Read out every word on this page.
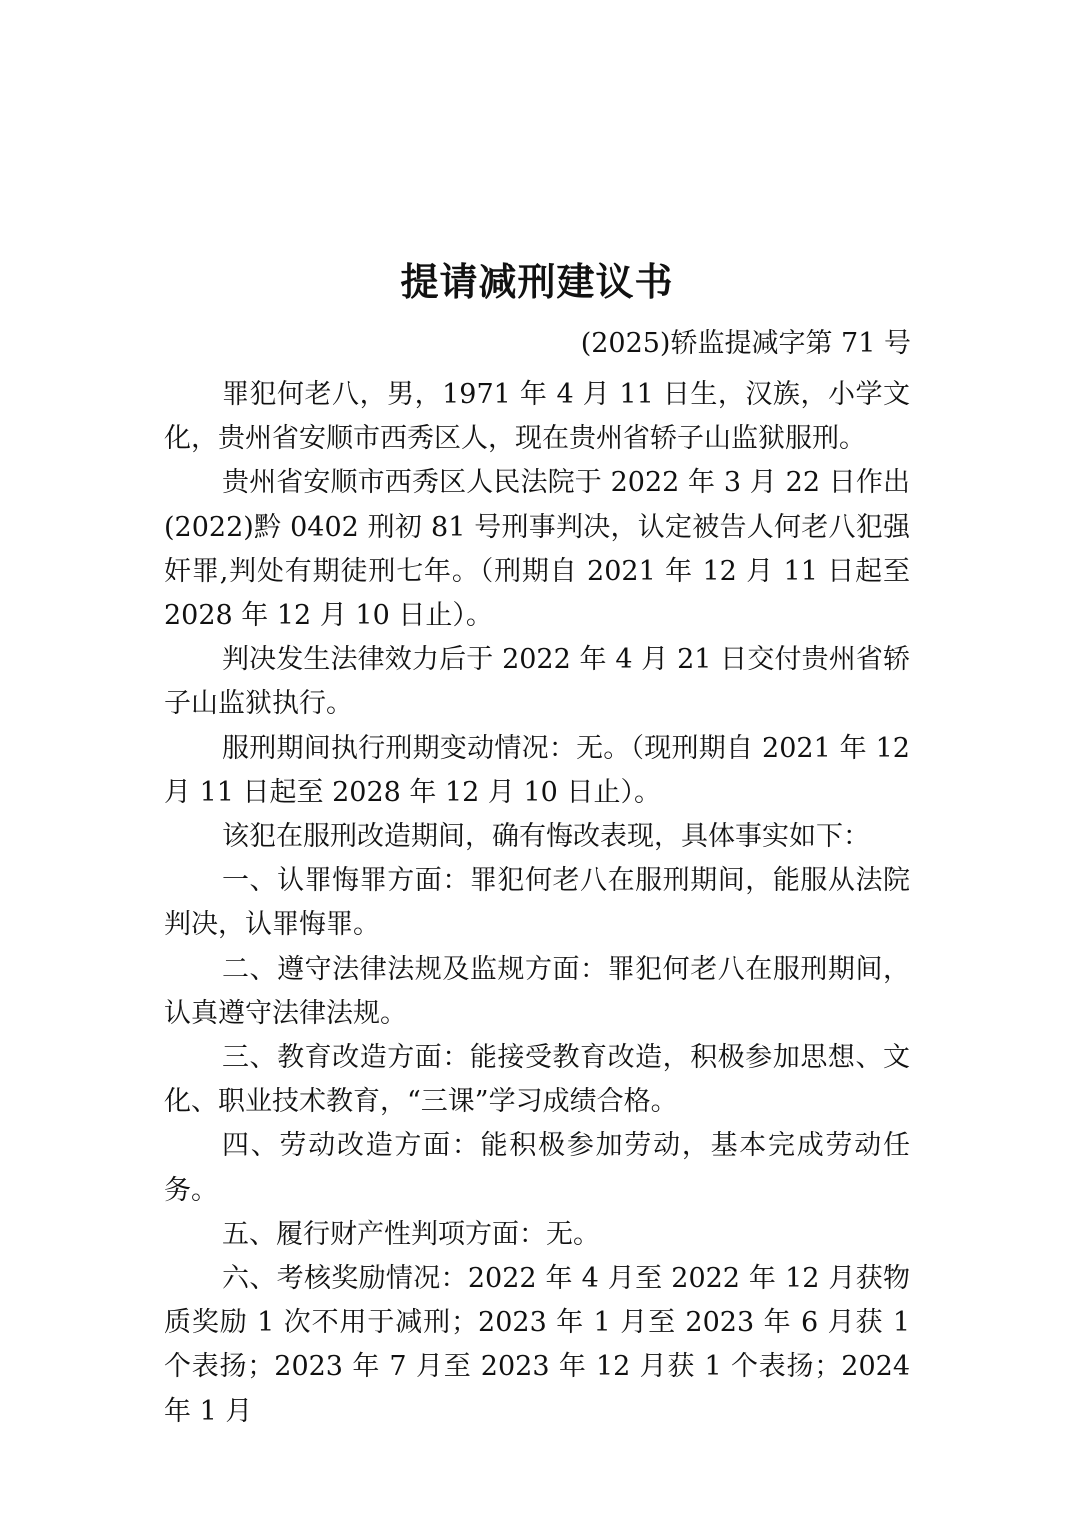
提请减刑建议书
(2025)轿监提减字第 71 号

罪犯何老八，男，1971 年 4 月 11 日生，汉族，小学文化，贵州省安顺市西秀区人，现在贵州省轿子山监狱服刑。

贵州省安顺市西秀区人民法院于 2022 年 3 月 22 日作出(2022)黔 0402 刑初 81 号刑事判决，认定被告人何老八犯强奸罪,判处有期徒刑七年。（刑期自 2021 年 12 月 11 日起至 2028 年 12 月 10 日止）。

判决发生法律效力后于 2022 年 4 月 21 日交付贵州省轿子山监狱执行。

服刑期间执行刑期变动情况：无。（现刑期自 2021 年 12 月 11 日起至 2028 年 12 月 10 日止）。

该犯在服刑改造期间，确有悔改表现，具体事实如下：

一、认罪悔罪方面：罪犯何老八在服刑期间，能服从法院判决，认罪悔罪。

二、遵守法律法规及监规方面：罪犯何老八在服刑期间，认真遵守法律法规。

三、教育改造方面：能接受教育改造，积极参加思想、文化、职业技术教育，“三课”学习成绩合格。

四、劳动改造方面：能积极参加劳动，基本完成劳动任务。

五、履行财产性判项方面：无。

六、考核奖励情况：2022 年 4 月至 2022 年 12 月获物质奖励 1 次不用于减刑；2023 年 1 月至 2023 年 6 月获 1 个表扬；2023 年 7 月至 2023 年 12 月获 1 个表扬；2024 年 1 月
